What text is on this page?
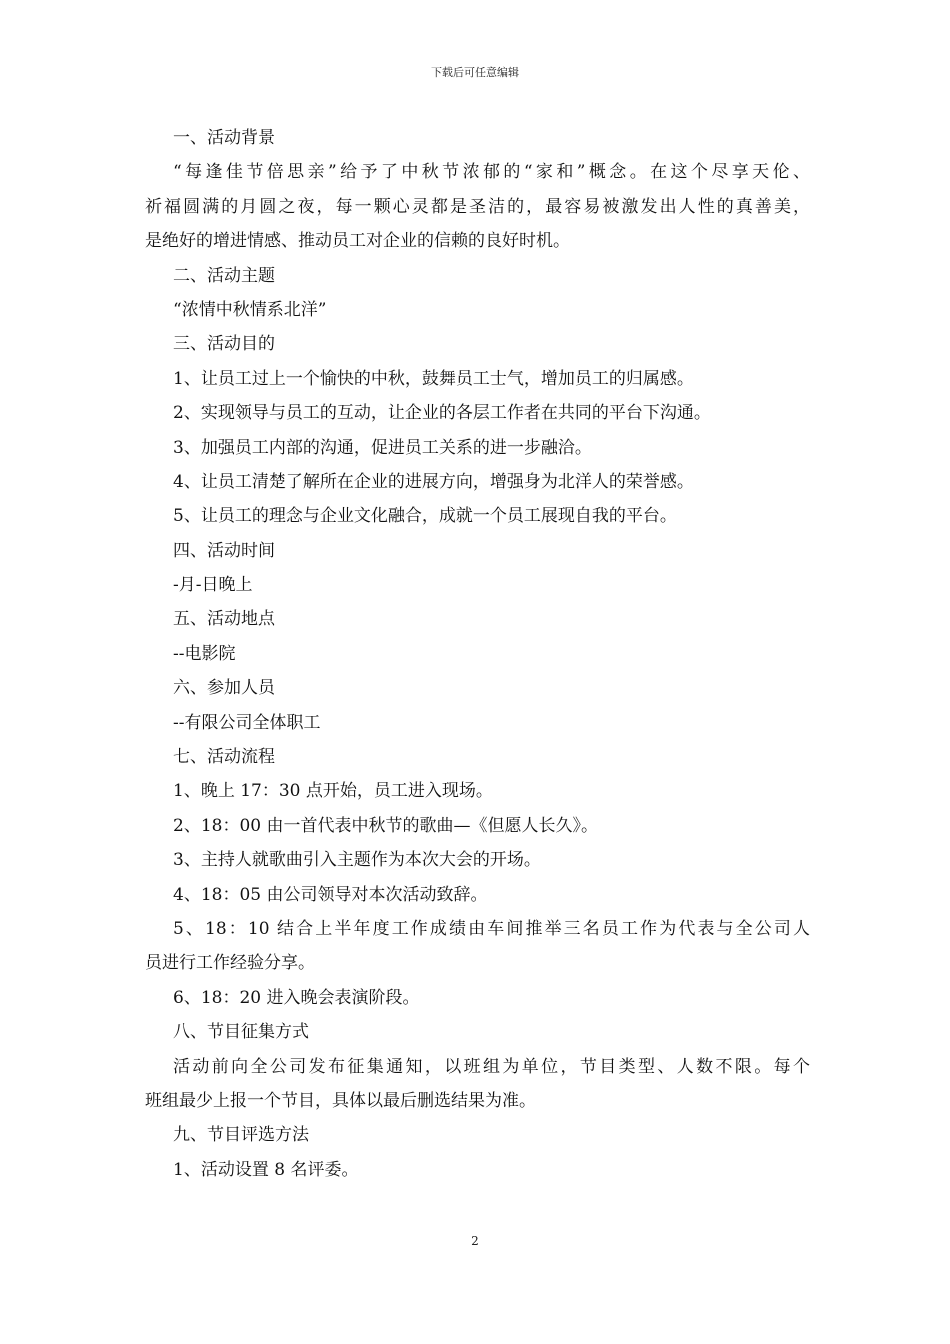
下载后可任意编辑
一、活动背景
“每逢佳节倍思亲”给予了中秋节浓郁的“家和”概念。在这个尽享天伦、
祈福圆满的月圆之夜，每一颗心灵都是圣洁的，最容易被激发出人性的真善美，
是绝好的增进情感、推动员工对企业的信赖的良好时机。
二、活动主题
“浓情中秋情系北洋”
三、活动目的
1、让员工过上一个愉快的中秋，鼓舞员工士气，增加员工的归属感。
2、实现领导与员工的互动，让企业的各层工作者在共同的平台下沟通。
3、加强员工内部的沟通，促进员工关系的进一步融洽。
4、让员工清楚了解所在企业的进展方向，增强身为北洋人的荣誉感。
5、让员工的理念与企业文化融合，成就一个员工展现自我的平台。
四、活动时间
-月-日晚上
五、活动地点
--电影院
六、参加人员
--有限公司全体职工
七、活动流程
1、晚上 17：30 点开始，员工进入现场。
2、18：00 由一首代表中秋节的歌曲—《但愿人长久》。
3、主持人就歌曲引入主题作为本次大会的开场。
4、18：05 由公司领导对本次活动致辞。
5、18：10 结合上半年度工作成绩由车间推举三名员工作为代表与全公司人
员进行工作经验分享。
6、18：20 进入晚会表演阶段。
八、节目征集方式
活动前向全公司发布征集通知，以班组为单位，节目类型、人数不限。每个
班组最少上报一个节目，具体以最后删选结果为准。
九、节目评选方法
1、活动设置 8 名评委。
2
